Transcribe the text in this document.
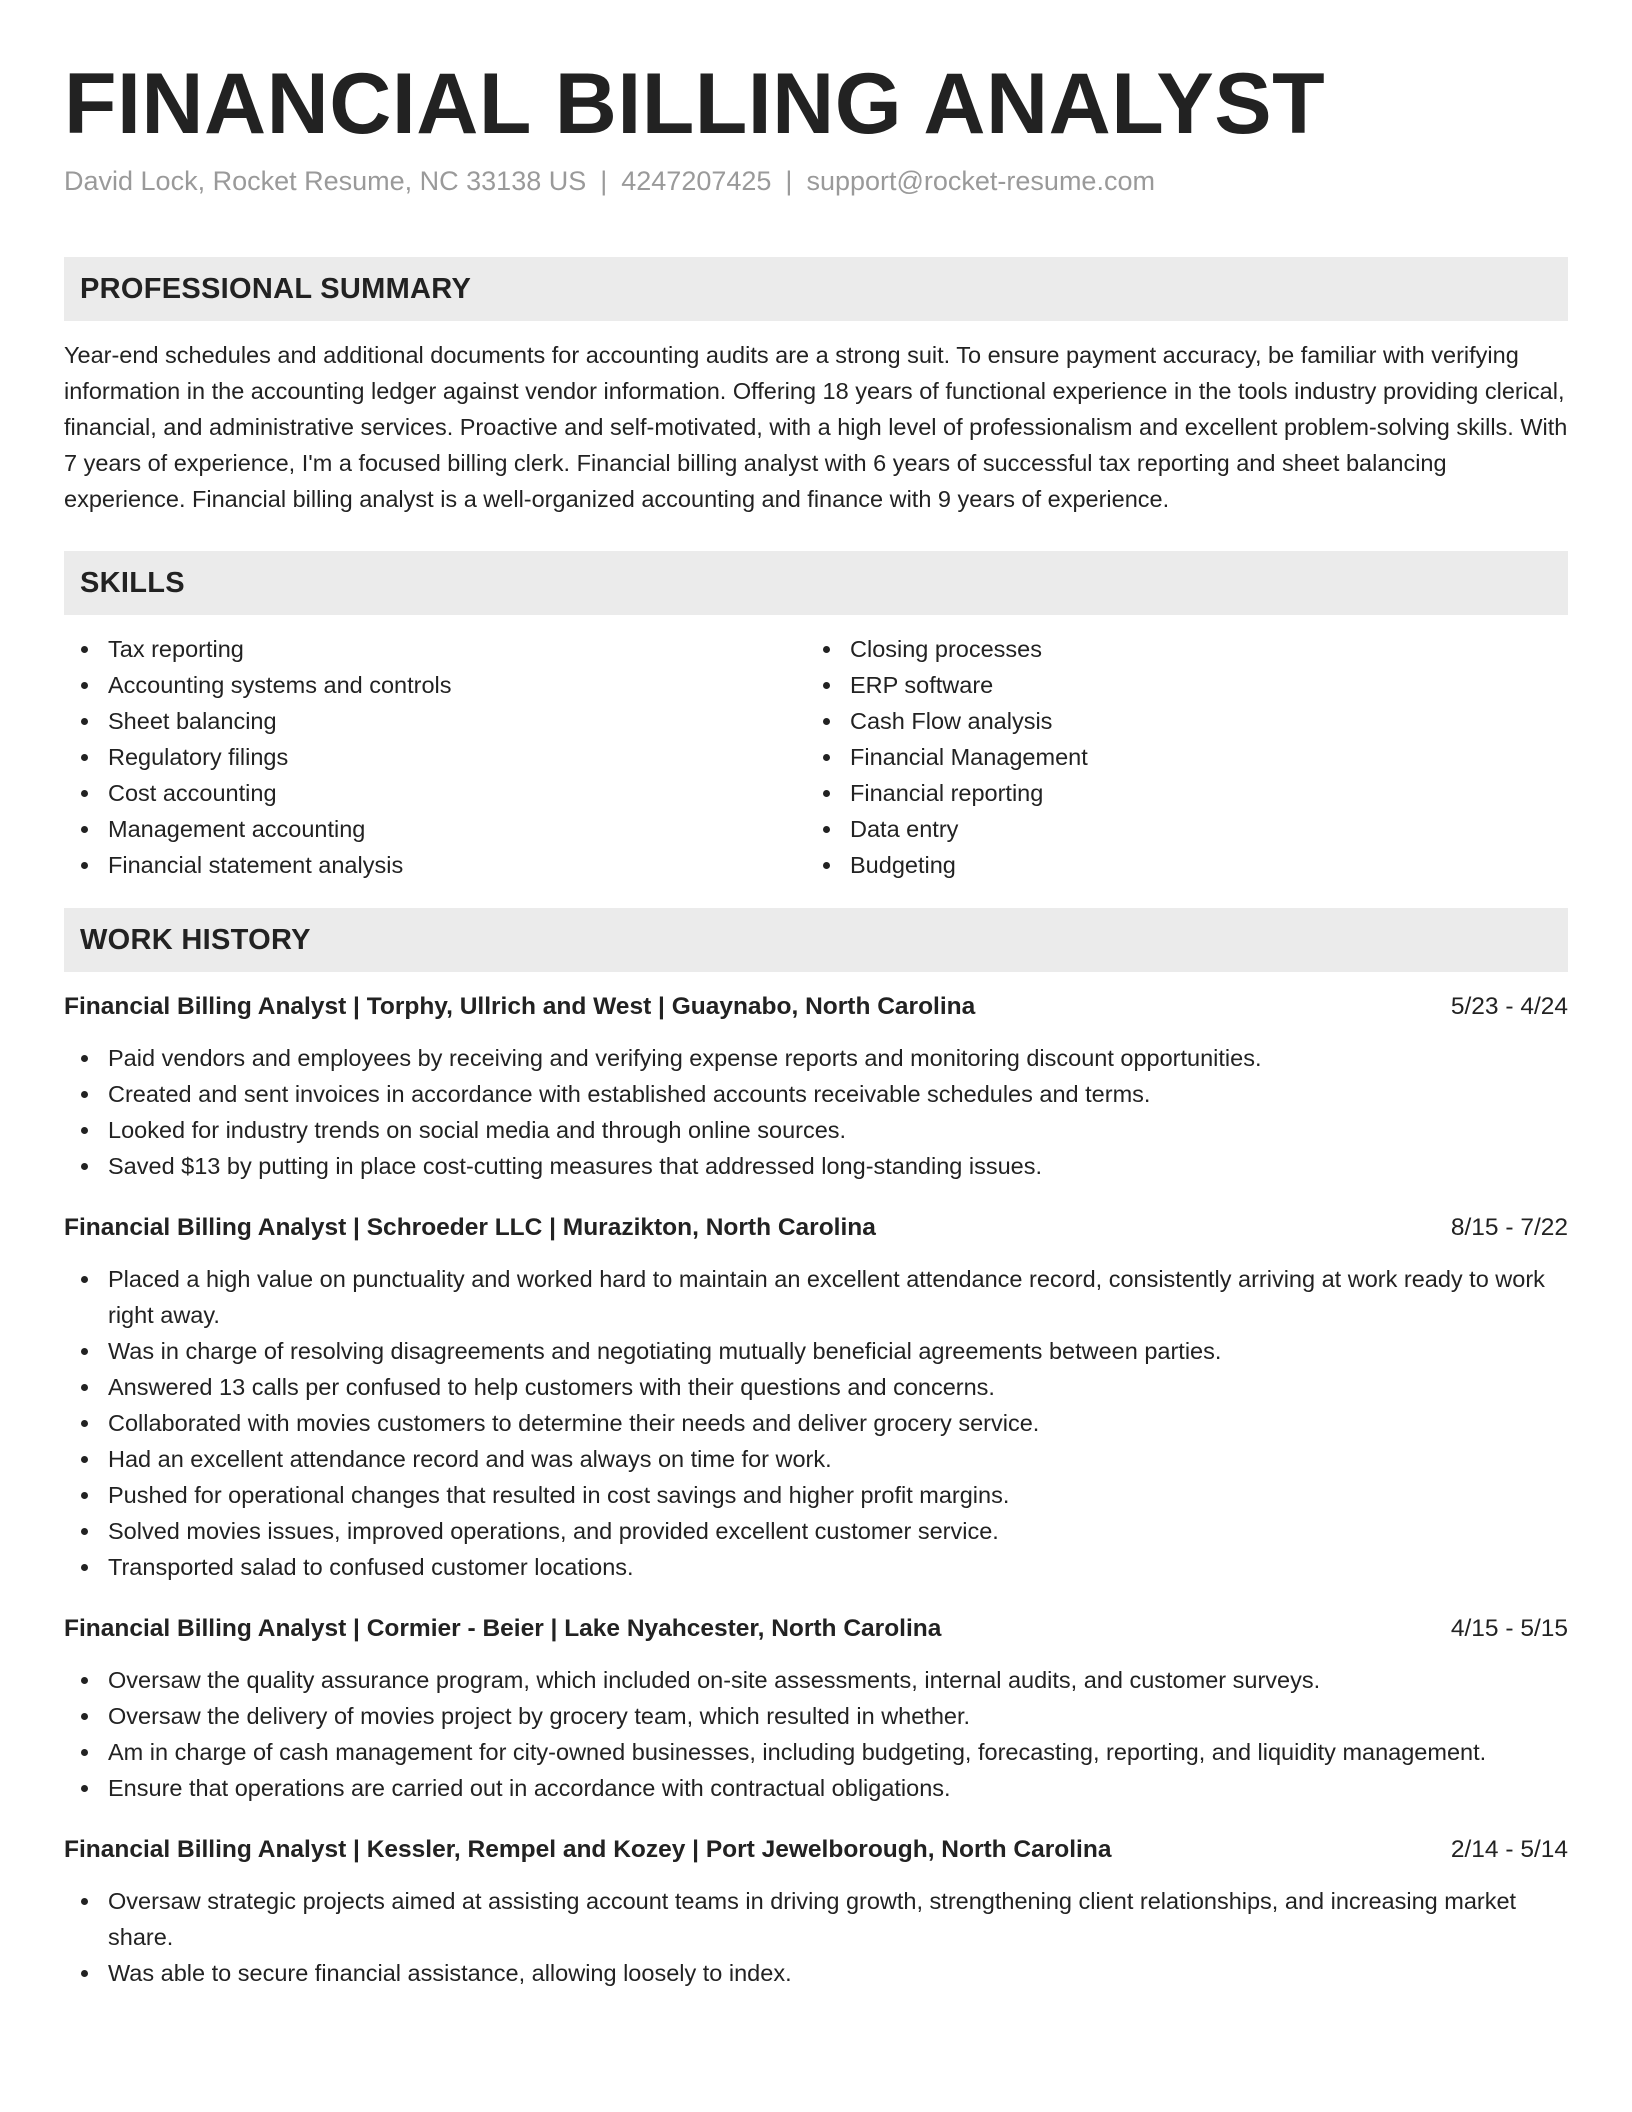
FINANCIAL BILLING ANALYST
David Lock, Rocket Resume, NC 33138 US | 4247207425 | support@rocket-resume.com
PROFESSIONAL SUMMARY
Year-end schedules and additional documents for accounting audits are a strong suit. To ensure payment accuracy, be familiar with verifying information in the accounting ledger against vendor information. Offering 18 years of functional experience in the tools industry providing clerical, financial, and administrative services. Proactive and self-motivated, with a high level of professionalism and excellent problem-solving skills. With 7 years of experience, I'm a focused billing clerk. Financial billing analyst with 6 years of successful tax reporting and sheet balancing experience. Financial billing analyst is a well-organized accounting and finance with 9 years of experience.
SKILLS
Tax reporting
Accounting systems and controls
Sheet balancing
Regulatory filings
Cost accounting
Management accounting
Financial statement analysis
Closing processes
ERP software
Cash Flow analysis
Financial Management
Financial reporting
Data entry
Budgeting
WORK HISTORY
Financial Billing Analyst | Torphy, Ullrich and West | Guaynabo, North Carolina	5/23 - 4/24
Paid vendors and employees by receiving and verifying expense reports and monitoring discount opportunities.
Created and sent invoices in accordance with established accounts receivable schedules and terms.
Looked for industry trends on social media and through online sources.
Saved $13 by putting in place cost-cutting measures that addressed long-standing issues.
Financial Billing Analyst | Schroeder LLC | Murazikton, North Carolina	8/15 - 7/22
Placed a high value on punctuality and worked hard to maintain an excellent attendance record, consistently arriving at work ready to work right away.
Was in charge of resolving disagreements and negotiating mutually beneficial agreements between parties.
Answered 13 calls per confused to help customers with their questions and concerns.
Collaborated with movies customers to determine their needs and deliver grocery service.
Had an excellent attendance record and was always on time for work.
Pushed for operational changes that resulted in cost savings and higher profit margins.
Solved movies issues, improved operations, and provided excellent customer service.
Transported salad to confused customer locations.
Financial Billing Analyst | Cormier - Beier | Lake Nyahcester, North Carolina	4/15 - 5/15
Oversaw the quality assurance program, which included on-site assessments, internal audits, and customer surveys.
Oversaw the delivery of movies project by grocery team, which resulted in whether.
Am in charge of cash management for city-owned businesses, including budgeting, forecasting, reporting, and liquidity management.
Ensure that operations are carried out in accordance with contractual obligations.
Financial Billing Analyst | Kessler, Rempel and Kozey | Port Jewelborough, North Carolina	2/14 - 5/14
Oversaw strategic projects aimed at assisting account teams in driving growth, strengthening client relationships, and increasing market share.
Was able to secure financial assistance, allowing loosely to index.
